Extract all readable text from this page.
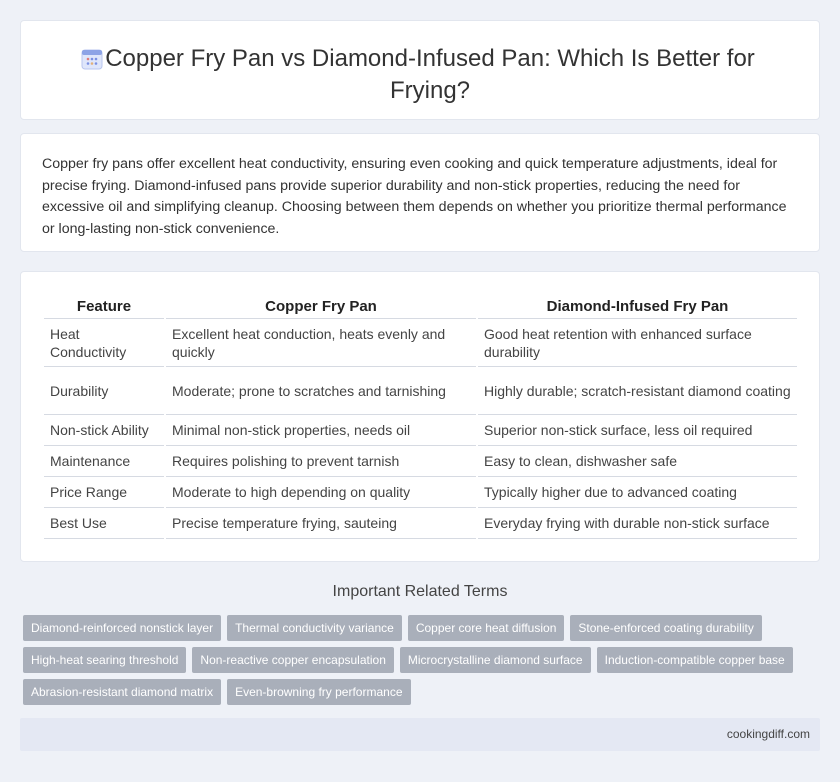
Copper Fry Pan vs Diamond-Infused Pan: Which Is Better for Frying?

Copper fry pans offer excellent heat conductivity, ensuring even cooking and quick temperature adjustments, ideal for precise frying. Diamond-infused pans provide superior durability and non-stick properties, reducing the need for excessive oil and simplifying cleanup. Choosing between them depends on whether you prioritize thermal performance or long-lasting non-stick convenience.

Feature	Copper Fry Pan	Diamond-Infused Fry Pan
Heat Conductivity	Excellent heat conduction, heats evenly and quickly	Good heat retention with enhanced surface durability
Durability	Moderate; prone to scratches and tarnishing	Highly durable; scratch-resistant diamond coating
Non-stick Ability	Minimal non-stick properties, needs oil	Superior non-stick surface, less oil required
Maintenance	Requires polishing to prevent tarnish	Easy to clean, dishwasher safe
Price Range	Moderate to high depending on quality	Typically higher due to advanced coating
Best Use	Precise temperature frying, sauteing	Everyday frying with durable non-stick surface
Important Related Terms
Diamond-reinforced nonstick layer	Thermal conductivity variance	Copper core heat diffusion	Stone-enforced coating durability
High-heat searing threshold	Non-reactive copper encapsulation	Microcrystalline diamond surface	Induction-compatible copper base
Abrasion-resistant diamond matrix	Even-browning fry performance
cookingdiff.com
